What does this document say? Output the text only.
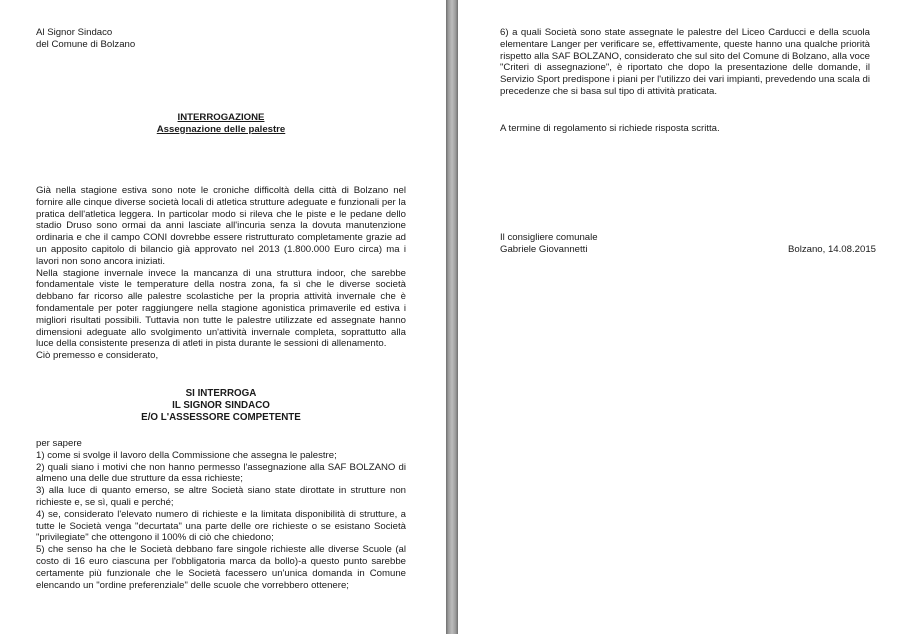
Al Signor Sindaco
del Comune di Bolzano
INTERROGAZIONE
Assegnazione delle palestre

Già nella stagione estiva sono note le croniche difficoltà della città di Bolzano nel fornire alle cinque diverse società locali di atletica strutture adeguate e funzionali per la pratica dell'atletica leggera. In particolar modo si rileva che le piste e le pedane dello stadio Druso sono ormai da anni lasciate all'incuria senza la dovuta manutenzione ordinaria e che il campo CONI dovrebbe essere ristrutturato completamente grazie ad un apposito capitolo di bilancio già approvato nel 2013 (1.800.000 Euro circa) ma i lavori non sono ancora iniziati.

Nella stagione invernale invece la mancanza di una struttura indoor, che sarebbe fondamentale viste le temperature della nostra zona, fa sì che le diverse società debbano far ricorso alle palestre scolastiche per la propria attività invernale che è fondamentale per poter raggiungere nella stagione agonistica primaverile ed estiva i migliori risultati possibili. Tuttavia non tutte le palestre utilizzate ed assegnate hanno dimensioni adeguate allo svolgimento un'attività invernale completa, soprattutto alla luce della consistente presenza di atleti in pista durante le sessioni di allenamento.

Ciò premesso e considerato,

SI INTERROGA
IL SIGNOR SINDACO
E/O L'ASSESSORE COMPETENTE

per sapere

1) come si svolge il lavoro della Commissione che assegna le palestre;

2) quali siano i motivi che non hanno permesso l'assegnazione alla SAF BOLZANO di almeno una delle due strutture da essa richieste;

3) alla luce di quanto emerso, se altre Società siano state dirottate in strutture non richieste e, se sì, quali e perché;

4) se, considerato l'elevato numero di richieste e la limitata disponibilità di strutture, a tutte le Società venga "decurtata" una parte delle ore richieste o se esistano Società "privilegiate" che ottengono il 100% di ciò che chiedono;

5) che senso ha che le Società debbano fare singole richieste alle diverse Scuole (al costo di 16 euro ciascuna per l'obbligatoria marca da bollo)-a questo punto sarebbe certamente più funzionale che le Società facessero un'unica domanda in Comune elencando un "ordine preferenziale" delle scuole che vorrebbero ottenere;

6) a quali Società sono state assegnate le palestre del Liceo Carducci e della scuola elementare Langer per verificare se, effettivamente, queste hanno una qualche priorità rispetto alla SAF BOLZANO, considerato che sul sito del Comune di Bolzano, alla voce "Criteri di assegnazione", è riportato che dopo la presentazione delle domande, il Servizio Sport predispone i piani per l'utilizzo dei vari impianti, prevedendo una scala di precedenze che si basa sul tipo di attività praticata.

A termine di regolamento si richiede risposta scritta.
Il consigliere comunale
Gabriele Giovannetti	Bolzano, 14.08.2015
